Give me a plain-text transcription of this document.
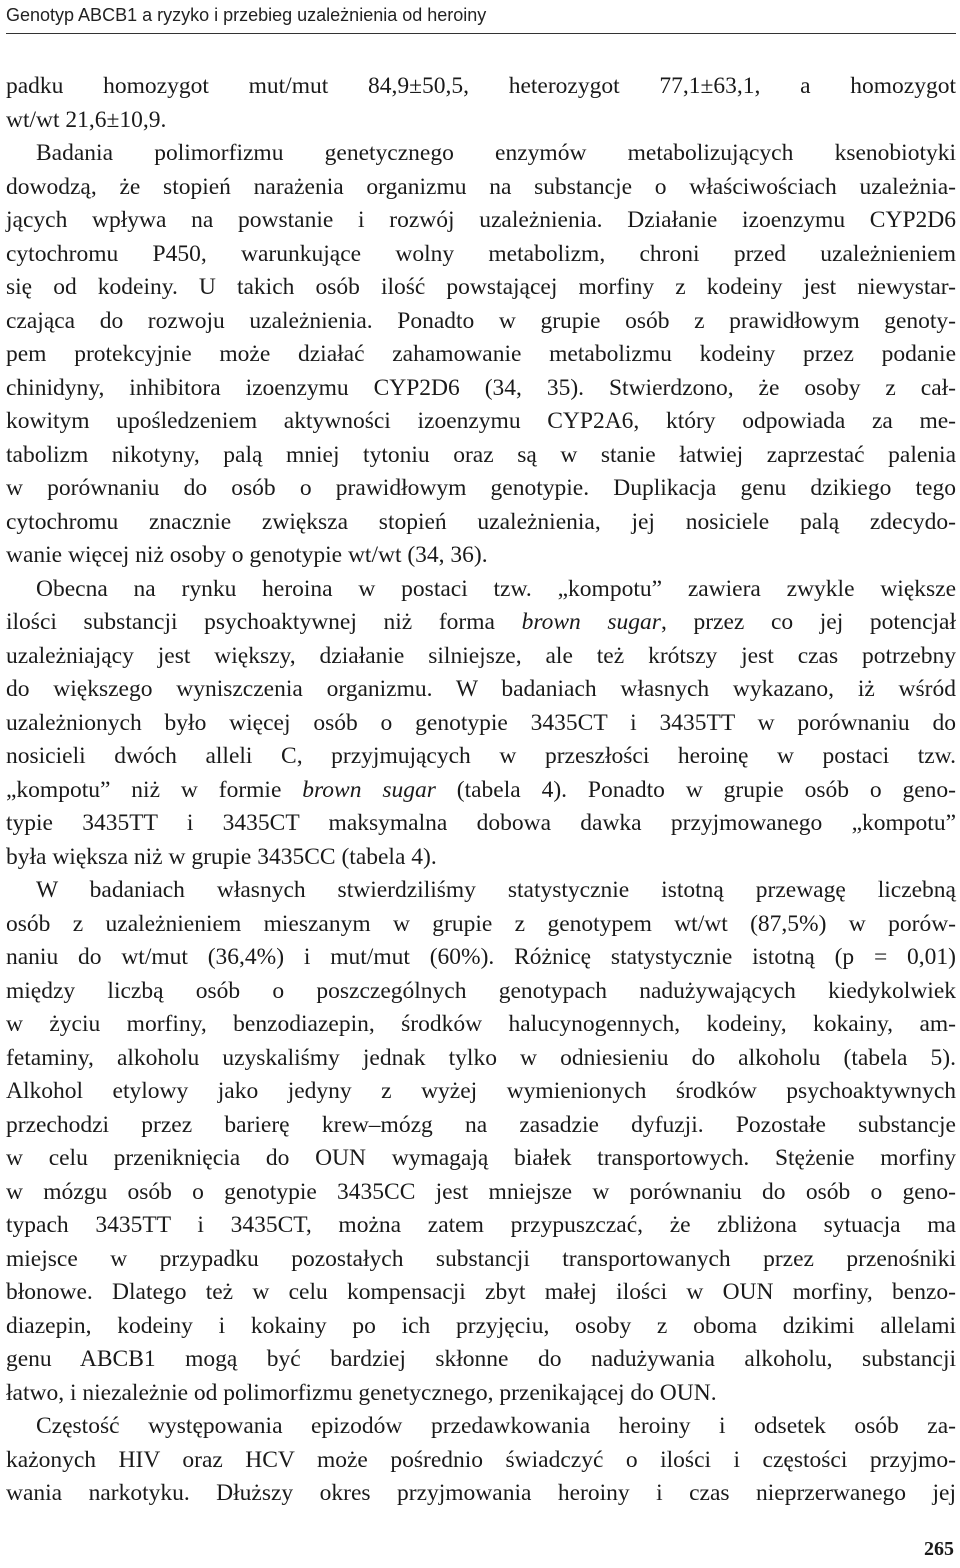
Genotyp ABCB1 a ryzyko i przebieg uzależnienia od heroiny
padku homozygot mut/mut 84,9±50,5, heterozygot 77,1±63,1, a homozygot
wt/wt 21,6±10,9.
Badania polimorfizmu genetycznego enzymów metabolizujących ksenobiotyki
dowodzą, że stopień narażenia organizmu na substancje o właściwościach uzależnia-
jących wpływa na powstanie i rozwój uzależnienia. Działanie izoenzymu CYP2D6
cytochromu P450, warunkujące wolny metabolizm, chroni przed uzależnieniem
się od kodeiny. U takich osób ilość powstającej morfiny z kodeiny jest niewystar-
czająca do rozwoju uzależnienia. Ponadto w grupie osób z prawidłowym genoty-
pem protekcyjnie może działać zahamowanie metabolizmu kodeiny przez podanie
chinidyny, inhibitora izoenzymu CYP2D6 (34, 35). Stwierdzono, że osoby z cał-
kowitym upośledzeniem aktywności izoenzymu CYP2A6, który odpowiada za me-
tabolizm nikotyny, palą mniej tytoniu oraz są w stanie łatwiej zaprzestać palenia
w porównaniu do osób o prawidłowym genotypie. Duplikacja genu dzikiego tego
cytochromu znacznie zwiększa stopień uzależnienia, jej nosiciele palą zdecydo-
wanie więcej niż osoby o genotypie wt/wt (34, 36).
Obecna na rynku heroina w postaci tzw. „kompotu” zawiera zwykle większe
ilości substancji psychoaktywnej niż forma brown sugar, przez co jej potencjał
uzależniający jest większy, działanie silniejsze, ale też krótszy jest czas potrzebny
do większego wyniszczenia organizmu. W badaniach własnych wykazano, iż wśród
uzależnionych było więcej osób o genotypie 3435CT i 3435TT w porównaniu do
nosicieli dwóch alleli C, przyjmujących w przeszłości heroinę w postaci tzw.
„kompotu” niż w formie brown sugar (tabela 4). Ponadto w grupie osób o geno-
typie 3435TT i 3435CT maksymalna dobowa dawka przyjmowanego „kompotu”
była większa niż w grupie 3435CC (tabela 4).
W badaniach własnych stwierdziliśmy statystycznie istotną przewagę liczebną
osób z uzależnieniem mieszanym w grupie z genotypem wt/wt (87,5%) w porów-
naniu do wt/mut (36,4%) i mut/mut (60%). Różnicę statystycznie istotną (p = 0,01)
między liczbą osób o poszczególnych genotypach nadużywających kiedykolwiek
w życiu morfiny, benzodiazepin, środków halucynogennych, kodeiny, kokainy, am-
fetaminy, alkoholu uzyskaliśmy jednak tylko w odniesieniu do alkoholu (tabela 5).
Alkohol etylowy jako jedyny z wyżej wymienionych środków psychoaktywnych
przechodzi przez barierę krew–mózg na zasadzie dyfuzji. Pozostałe substancje
w celu przeniknięcia do OUN wymagają białek transportowych. Stężenie morfiny
w mózgu osób o genotypie 3435CC jest mniejsze w porównaniu do osób o geno-
typach 3435TT i 3435CT, można zatem przypuszczać, że zbliżona sytuacja ma
miejsce w przypadku pozostałych substancji transportowanych przez przenośniki
błonowe. Dlatego też w celu kompensacji zbyt małej ilości w OUN morfiny, benzo-
diazepin, kodeiny i kokainy po ich przyjęciu, osoby z oboma dzikimi allelami
genu ABCB1 mogą być bardziej skłonne do nadużywania alkoholu, substancji
łatwo, i niezależnie od polimorfizmu genetycznego, przenikającej do OUN.
Częstość występowania epizodów przedawkowania heroiny i odsetek osób za-
każonych HIV oraz HCV może pośrednio świadczyć o ilości i częstości przyjmo-
wania narkotyku. Dłuższy okres przyjmowania heroiny i czas nieprzerwanego jej
265
